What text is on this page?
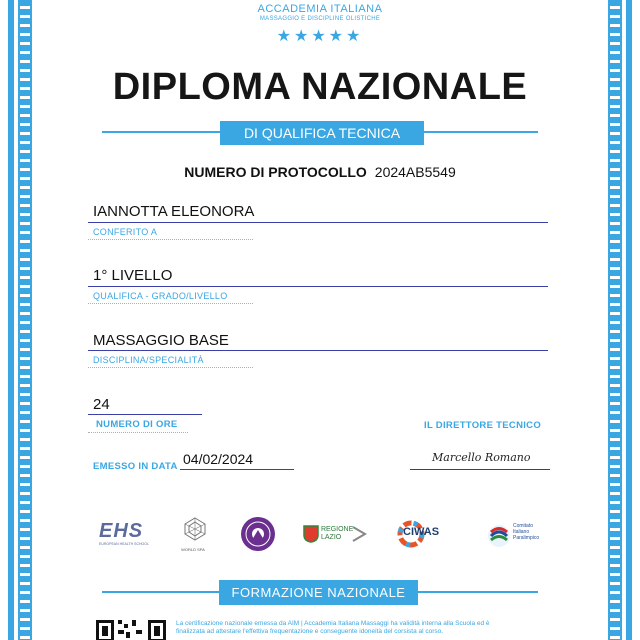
ACCADEMIA ITALIANA
MASSAGGIO E DISCIPLINE OLISTICHE
★★★★★
DIPLOMA NAZIONALE
DI QUALIFICA TECNICA
NUMERO DI PROTOCOLLO 2024AB5549
IANNOTTA ELEONORA
CONFERITO A
1° LIVELLO
QUALIFICA - GRADO/LIVELLO
MASSAGGIO BASE
DISCIPLINA/SPECIALITÀ
24
NUMERO DI ORE	IL DIRETTORE TECNICO
EMESSO IN DATA 04/02/2024	Marcello Romano
EHS
EUROPEAN HEALTH SCHOOL
WORLD SPA
REGIONE
LAZIO	CIWAS	Comitato
Italiano
Paralimpico
FORMAZIONE NAZIONALE
La certificazione nazionale emessa da AIM | Accademia Italiana Massaggi ha validità interna alla Scuola ed è
finalizzata ad attestare l'effettiva frequentazione e conseguente idoneità del corsista al corso.
